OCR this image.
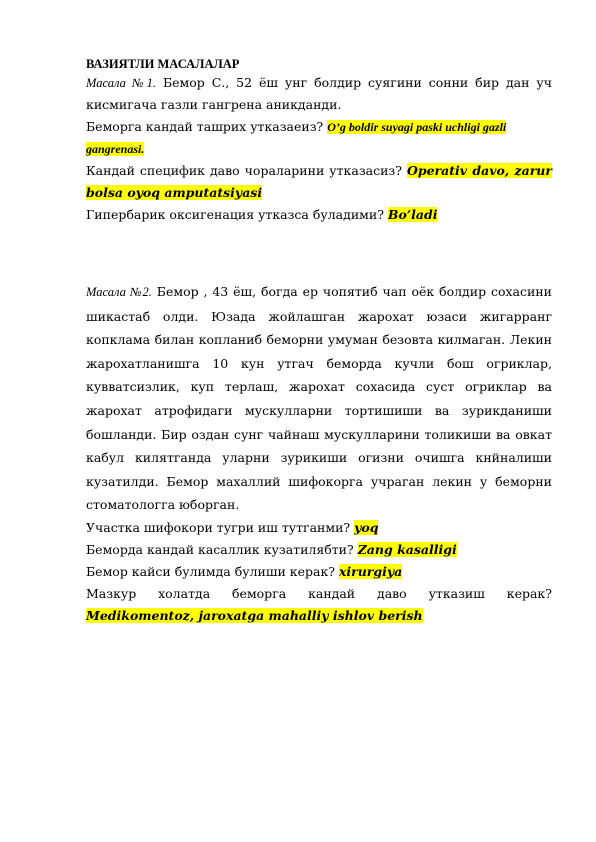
ВАЗИЯТЛИ МАСАЛАЛАР

Масала №1. Бемор С., 52 ёш унг болдир суягини сонни бир дан уч кисмигача газли гангрена аникданди.

Беморга кандай ташрих утказаеиз? O’g boldir suyagi paski uchligi gazli gangrenasi.

Кандай специфик даво чораларини утказасиз? Operativ davo, zarur bolsa oyoq amputatsiyasi

Гипербарик оксигенация утказса буладими? Bo’ladi

Масала №2. Бемор , 43 ёш, богда ер чопятиб чап оёк болдир сохасини шикастаб олди. Юзада жойлашган жарохат юзаси жигарранг копклама билан копланиб беморни умуман безовта килмаган. Лекин жарохатланишга 10 кун утгач беморда кучли бош огриклар, кувватсизлик, куп терлаш, жарохат сохасида суст огриклар ва жарохат атрофидаги мускулларни тортишиши ва зурикданиши бошланди. Бир оздан сунг чайнаш мускулларини толикиши ва овкат кабул килятганда уларни зурикиши огизни очишга кнйналиши кузатилди. Бемор махаллий шифокорга учраган лекин у беморни стоматологга юборган.

Участка шифокори тугри иш тутганми? yoq

Беморда кандай касаллик кузатилябти? Zang kasalligi

Бемор кайси булимда булиши керак? xirurgiya

Мазкур холатда беморга кандай даво утказиш керак?

Medikomentoz, jaroxatga mahalliy ishlov berish
